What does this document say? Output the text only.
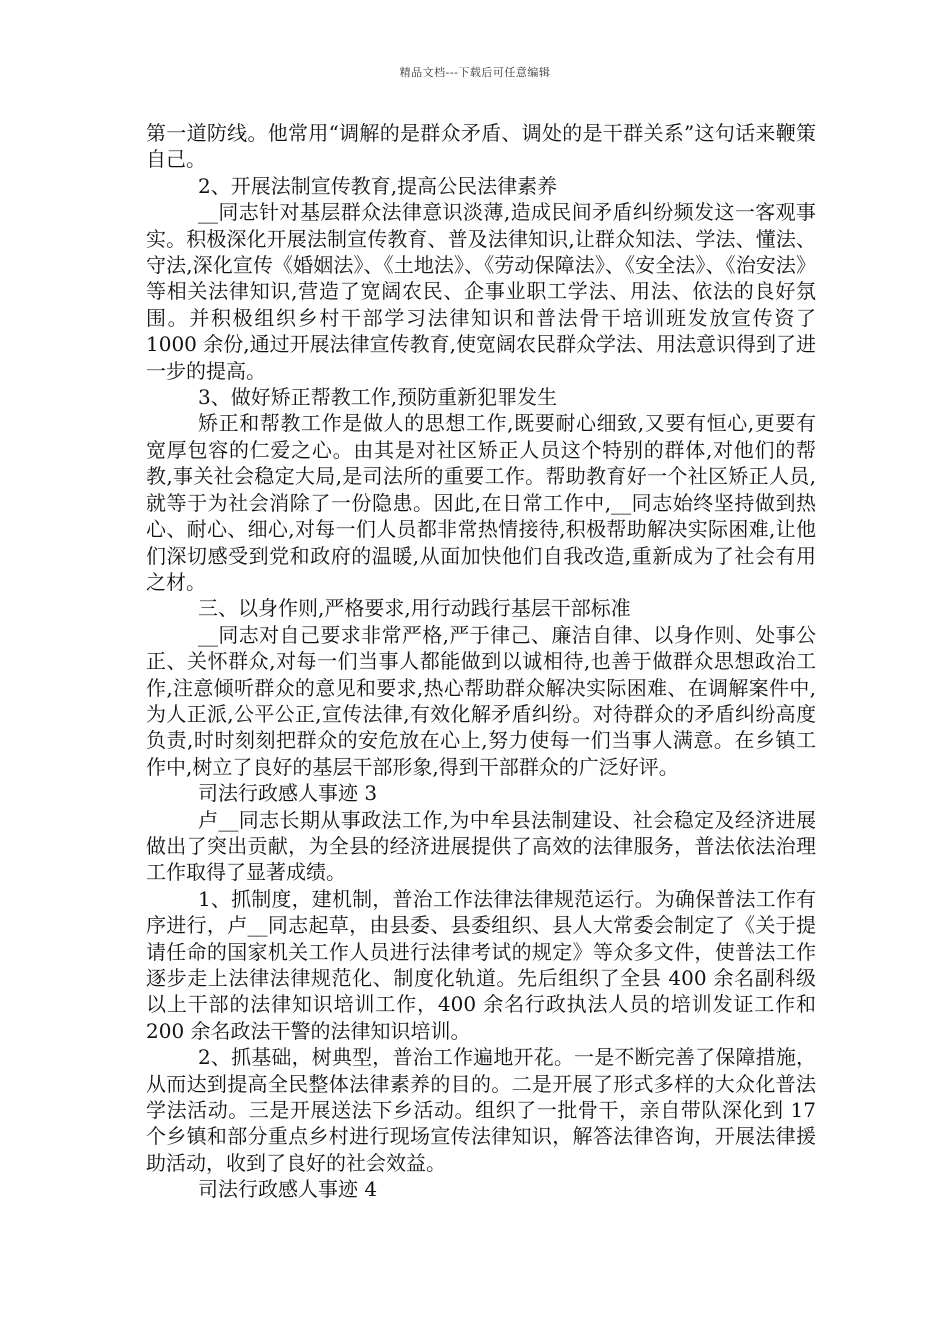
精品文档---下载后可任意编辑

第一道防线。他常用“调解的是群众矛盾、调处的是干群关系”这句话来鞭策自己。

2、开展法制宣传教育,提高公民法律素养

__同志针对基层群众法律意识淡薄,造成民间矛盾纠纷频发这一客观事实。积极深化开展法制宣传教育、普及法律知识,让群众知法、学法、懂法、守法,深化宣传《婚姻法》、《土地法》、《劳动保障法》、《安全法》、《治安法》等相关法律知识,营造了宽阔农民、企事业职工学法、用法、依法的良好氛围。并积极组织乡村干部学习法律知识和普法骨干培训班发放宣传资了 1000 余份,通过开展法律宣传教育,使宽阔农民群众学法、用法意识得到了进一步的提高。

3、做好矫正帮教工作,预防重新犯罪发生

矫正和帮教工作是做人的思想工作,既要耐心细致,又要有恒心,更要有宽厚包容的仁爱之心。由其是对社区矫正人员这个特别的群体,对他们的帮教,事关社会稳定大局,是司法所的重要工作。帮助教育好一个社区矫正人员,就等于为社会消除了一份隐患。因此,在日常工作中,__同志始终坚持做到热心、耐心、细心,对每一们人员都非常热情接待,积极帮助解决实际困难,让他们深切感受到党和政府的温暖,从面加快他们自我改造,重新成为了社会有用之材。

三、以身作则,严格要求,用行动践行基层干部标准

__同志对自己要求非常严格,严于律己、廉洁自律、以身作则、处事公正、关怀群众,对每一们当事人都能做到以诚相待,也善于做群众思想政治工作,注意倾听群众的意见和要求,热心帮助群众解决实际困难、在调解案件中,为人正派,公平公正,宣传法律,有效化解矛盾纠纷。对待群众的矛盾纠纷高度负责,时时刻刻把群众的安危放在心上,努力使每一们当事人满意。在乡镇工作中,树立了良好的基层干部形象,得到干部群众的广泛好评。

司法行政感人事迹 3

卢__同志长期从事政法工作,为中牟县法制建设、社会稳定及经济进展做出了突出贡献，为全县的经济进展提供了高效的法律服务，普法依法治理工作取得了显著成绩。

1、抓制度，建机制，普治工作法律法律规范运行。为确保普法工作有序进行，卢__同志起草，由县委、县委组织、县人大常委会制定了《关于提请任命的国家机关工作人员进行法律考试的规定》等众多文件，使普法工作逐步走上法律法律规范化、制度化轨道。先后组织了全县 400 余名副科级以上干部的法律知识培训工作，400 余名行政执法人员的培训发证工作和 200 余名政法干警的法律知识培训。

2、抓基础，树典型，普治工作遍地开花。一是不断完善了保障措施，从而达到提高全民整体法律素养的目的。二是开展了形式多样的大众化普法学法活动。三是开展送法下乡活动。组织了一批骨干，亲自带队深化到 17 个乡镇和部分重点乡村进行现场宣传法律知识，解答法律咨询，开展法律援助活动，收到了良好的社会效益。

司法行政感人事迹 4
